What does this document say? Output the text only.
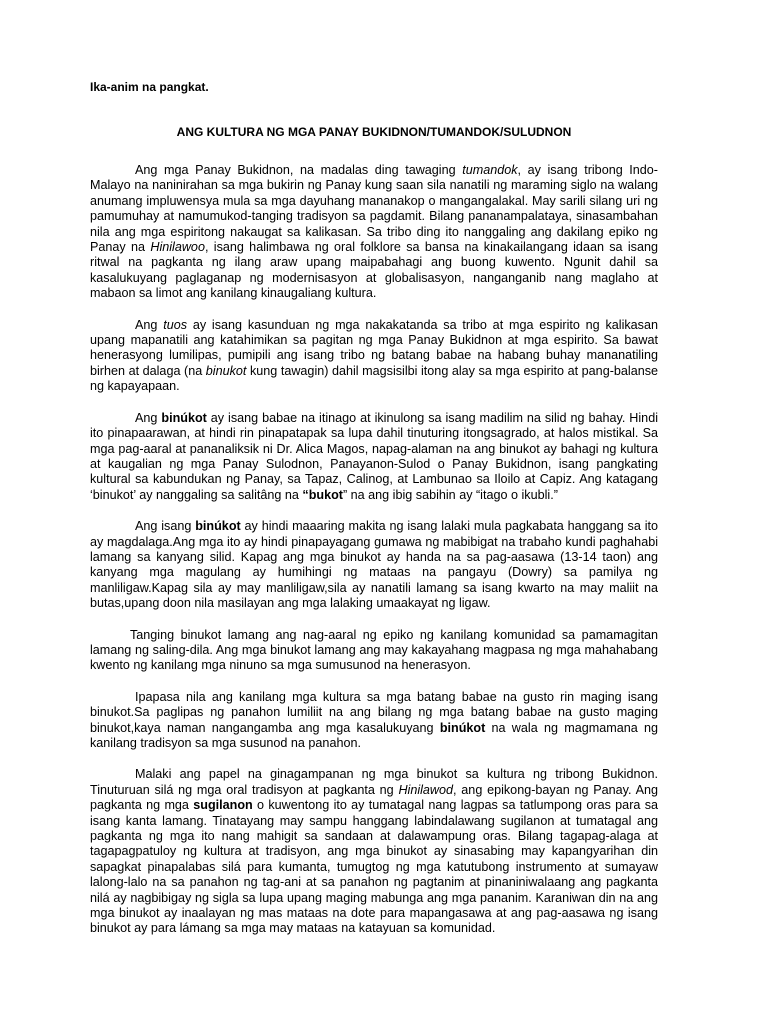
Ika-anim na pangkat.
ANG KULTURA NG MGA PANAY BUKIDNON/TUMANDOK/SULUDNON

Ang mga Panay Bukidnon, na madalas ding tawaging tumandok, ay isang tribong Indo-Malayo na naninirahan sa mga bukirin ng Panay kung saan sila nanatili ng maraming siglo na walang anumang impluwensya mula sa mga dayuhang mananakop o mangangalakal. May sarili silang uri ng pamumuhay at namumukod-tanging tradisyon sa pagdamit. Bilang pananampalataya, sinasambahan nila ang mga espiritong nakaugat sa kalikasan. Sa tribo ding ito nanggaling ang dakilang epiko ng Panay na Hinilawoo, isang halimbawa ng oral folklore sa bansa na kinakailangang idaan sa isang ritwal na pagkanta ng ilang araw upang maipabahagi ang buong kuwento. Ngunit dahil sa kasalukuyang paglaganap ng modernisasyon at globalisasyon, nanganganib nang maglaho at mabaon sa limot ang kanilang kinaugaliang kultura.

Ang tuos ay isang kasunduan ng mga nakakatanda sa tribo at mga espirito ng kalikasan upang mapanatili ang katahimikan sa pagitan ng mga Panay Bukidnon at mga espirito. Sa bawat henerasyong lumilipas, pumipili ang isang tribo ng batang babae na habang buhay mananatiling birhen at dalaga (na binukot kung tawagin) dahil magsisilbi itong alay sa mga espirito at pang-balanse ng kapayapaan.

Ang binúkot ay isang babae na itinago at ikinulong sa isang madilim na silid ng bahay. Hindi ito pinapaarawan, at hindi rin pinapatapak sa lupa dahil tinuturing itongsagrado, at halos mistikal. Sa mga pag-aaral at pananaliksik ni Dr. Alica Magos, napag-alaman na ang binukot ay bahagi ng kultura at kaugalian ng mga Panay Sulodnon, Panayanon-Sulod o Panay Bukidnon, isang pangkating kultural sa kabundukan ng Panay, sa Tapaz, Calinog, at Lambunao sa Iloilo at Capiz. Ang katagang ‘binukot’ ay nanggaling sa salitâng na “bukot” na ang ibig sabihin ay “itago o ikubli.”

Ang isang binúkot ay hindi maaaring makita ng isang lalaki mula pagkabata hanggang sa ito ay magdalaga.Ang mga ito ay hindi pinapayagang gumawa ng mabibigat na trabaho kundi paghahabi lamang sa kanyang silid. Kapag ang mga binukot ay handa na sa pag-aasawa (13-14 taon) ang kanyang mga magulang ay humihingi ng mataas na pangayu (Dowry) sa pamilya ng manliligaw.Kapag sila ay may manliligaw,sila ay nanatili lamang sa isang kwarto na may maliit na butas,upang doon nila masilayan ang mga lalaking umaakayat ng ligaw.

Tanging binukot lamang ang nag-aaral ng epiko ng kanilang komunidad sa pamamagitan lamang ng saling-dila. Ang mga binukot lamang ang may kakayahang magpasa ng mga mahahabang kwento ng kanilang mga ninuno sa mga sumusunod na henerasyon.

Ipapasa nila ang kanilang mga kultura sa mga batang babae na gusto rin maging isang binukot.Sa paglipas ng panahon lumiliit na ang bilang ng mga batang babae na gusto maging binukot,kaya naman nangangamba ang mga kasalukuyang binúkot na wala ng magmamana ng kanilang tradisyon sa mga susunod na panahon.

Malaki ang papel na ginagampanan ng mga binukot sa kultura ng tribong Bukidnon. Tinuturuan silá ng mga oral tradisyon at pagkanta ng Hinilawod, ang epikong-bayan ng Panay. Ang pagkanta ng mga sugilanon o kuwentong ito ay tumatagal nang lagpas sa tatlumpong oras para sa isang kanta lamang. Tinatayang may sampu hanggang labindalawang sugilanon at tumatagal ang pagkanta ng mga ito nang mahigit sa sandaan at dalawampung oras. Bilang tagapag-alaga at tagapagpatuloy ng kultura at tradisyon, ang mga binukot ay sinasabing may kapangyarihan din sapagkat pinapalabas silá para kumanta, tumugtog ng mga katutubong instrumento at sumayaw lalong-lalo na sa panahon ng tag-ani at sa panahon ng pagtanim at pinaniniwalaang ang pagkanta nilá ay nagbibigay ng sigla sa lupa upang maging mabunga ang mga pananim. Karaniwan din na ang mga binukot ay inaalayan ng mas mataas na dote para mapangasawa at ang pag-aasawa ng isang binukot ay para lámang sa mga may mataas na katayuan sa komunidad.
